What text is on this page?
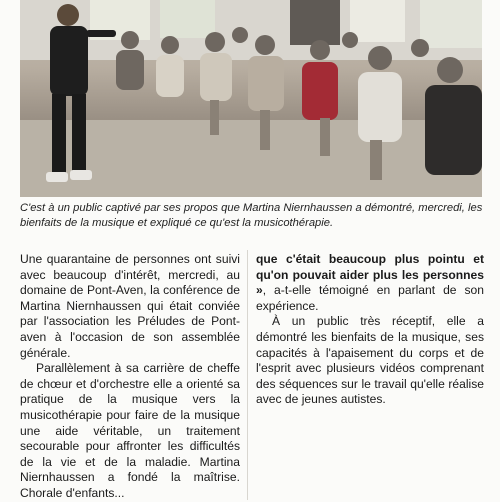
C'est à un public captivé par ses propos que Martina Niernhaussen a démontré, mercredi, les bienfaits de la musique et expliqué ce qu'est la musicothérapie.

Une quarantaine de personnes ont suivi avec beaucoup d'intérêt, mercredi, au domaine de Pont-Aven, la conférence de Martina Niernhaussen qui était conviée par l'association les Préludes de Pont-aven à l'occasion de son assemblée générale.

Parallèlement à sa carrière de cheffe de chœur et d'orchestre elle a orienté sa pratique de la musique vers la musicothérapie pour faire de la musique une aide véritable, un traitement secourable pour affronter les difficultés de la vie et de la maladie. Martina Niernhaussen a fondé la maîtrise. Chorale d'enfants...

que c'était beaucoup plus pointu et qu'on pouvait aider plus les personnes », a-t-elle témoigné en parlant de son expérience.

À un public très réceptif, elle a démontré les bienfaits de la musique, ses capacités à l'apaisement du corps et de l'esprit avec plusieurs vidéos comprenant des séquences sur le travail qu'elle réalise avec de jeunes autistes.
